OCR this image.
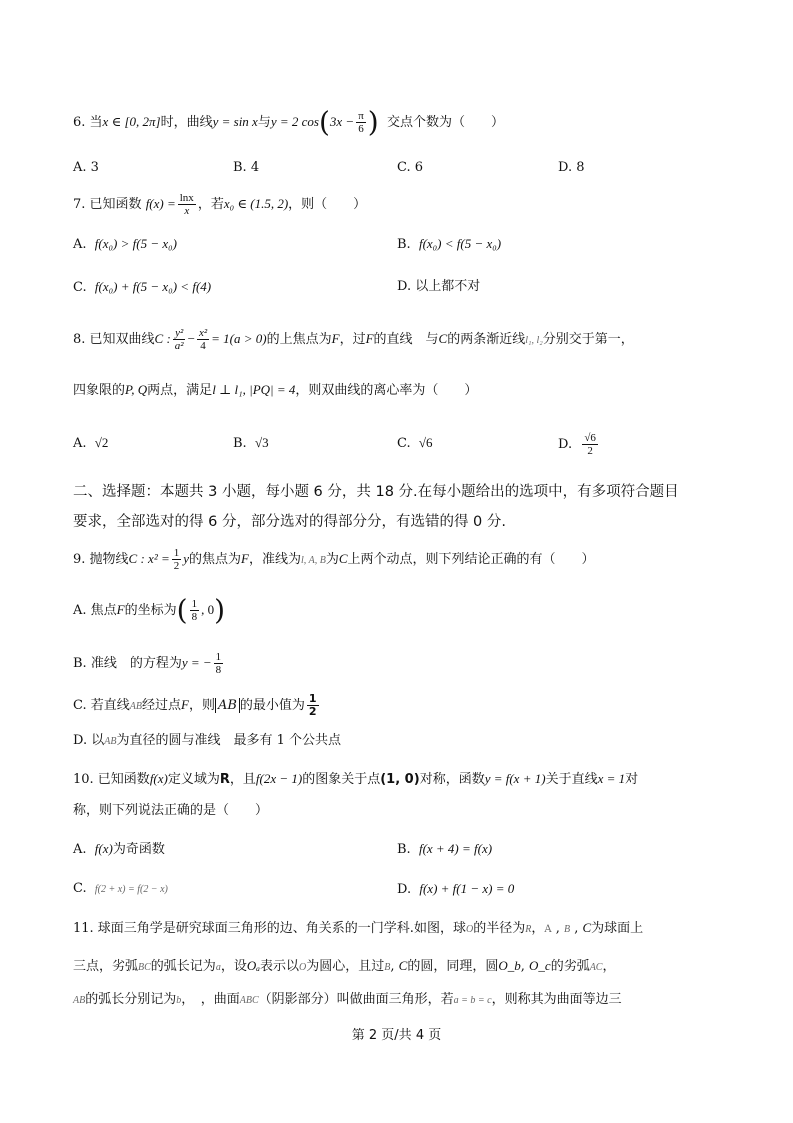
6. 当x ∈ [0, 2π]时，曲线y = sin x与y = 2 $\cos(3x - \frac{\pi}{6}$ ) 交点个数为（　　）
A. 3	B. 4	C. 6	D. 8
7. 已知函数 $f(x) = \frac{\ln x}{x}$ ，若x₀ ∈ (1.5, 2)，则（　　）
A. f(x₀) > f(5 − x₀)	B. f(x₀) < f(5 − x₀)
C. f(x₀) + f(5 − x₀) < f(4)	D. 以上都不对
8. 已知双曲线C : $\frac{\text{y²}}{\text{a²}} - \frac{\text{x²}}{4} = 1(a > 0)$的上焦点为F，过F的直线　与C的两条渐近线l₁, l₂分别交于第一，
四象限的P, Q两点，满足l ⊥ l₁, |PQ| = 4，则双曲线的离心率为（　　）
A. √2	B. √3	C. √6	D. $\frac{√6}{2}$
二、选择题：本题共 3 小题，每小题 6 分，共 18 分.在每小题给出的选项中，有多项符合题目
要求，全部选对的得 6 分，部分选对的得部分分，有选错的得 0 分.
9. 抛物线C : $x^2 = \frac{1}{2}$ y的焦点为F，准线为l, A, B为C上两个动点，则下列结论正确的有（　　）
A. 焦点F的坐标为( $\frac{1}{8}$ , 0)
B. 准线　的方程为y = − $\frac{1}{8}$
C. 若直线AB经过点F，则 AB 的最小值为 $\frac{1}{2}$
D. 以AB为直径的圆与准线　最多有 1 个公共点
10. 已知函数f(x)定义域为R，且f(2x − 1)的图象关于点(1, 0)对称，函数y = f(x + 1)关于直线x = 1对
称，则下列说法正确的是（　　）
A. f(x)为奇函数	B. f(x + 4) = f(x)
C. f(2 + x) = f(2 − x)	D. f(x) + f(1 − x) = 0
11. 球面三角学是研究球面三角形的边、角关系的一门学科.如图，球O的半径为R，A , B , C为球面上
三点，劣弧BC的弧长记为a，设Oₐ表示以O为圆心，且过B, C的圆，同理，圆O_b, O_c的劣弧AC，
AB的弧长分别记为b，　，曲面ABC（阴影部分）叫做曲面三角形，若a = b = c，则称其为曲面等边三
第 2 页/共 4 页
